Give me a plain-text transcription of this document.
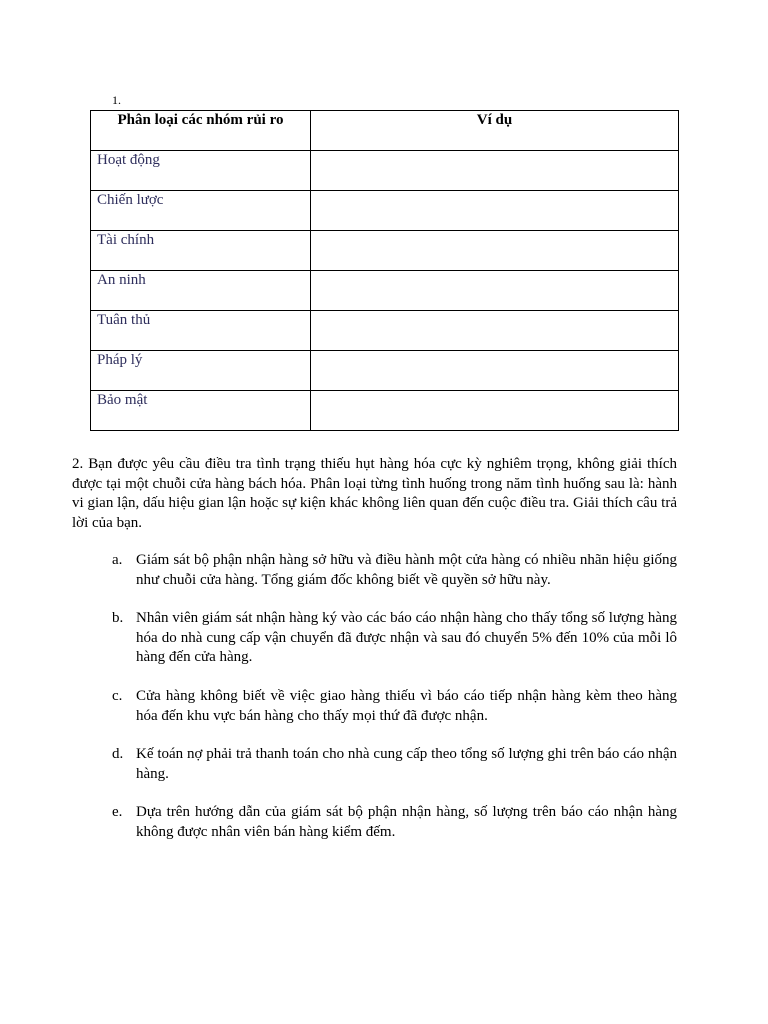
1.
Phân loại các nhóm rủi ro	Ví dụ
Hoạt động	
Chiến lược	
Tài chính	
An ninh	
Tuân thủ	
Pháp lý	
Bảo mật	
2. Bạn được yêu cầu điều tra tình trạng thiếu hụt hàng hóa cực kỳ nghiêm trọng, không giải thích được tại một chuỗi cửa hàng bách hóa. Phân loại từng tình huống trong năm tình huống sau là: hành vi gian lận, dấu hiệu gian lận hoặc sự kiện khác không liên quan đến cuộc điều tra. Giải thích câu trả lời của bạn.
a. Giám sát bộ phận nhận hàng sở hữu và điều hành một cửa hàng có nhiều nhãn hiệu giống như chuỗi cửa hàng. Tổng giám đốc không biết về quyền sở hữu này.
b. Nhân viên giám sát nhận hàng ký vào các báo cáo nhận hàng cho thấy tổng số lượng hàng hóa do nhà cung cấp vận chuyển đã được nhận và sau đó chuyển 5% đến 10% của mỗi lô hàng đến cửa hàng.
c. Cửa hàng không biết về việc giao hàng thiếu vì báo cáo tiếp nhận hàng kèm theo hàng hóa đến khu vực bán hàng cho thấy mọi thứ đã được nhận.
d. Kế toán nợ phải trả thanh toán cho nhà cung cấp theo tổng số lượng ghi trên báo cáo nhận hàng.
e. Dựa trên hướng dẫn của giám sát bộ phận nhận hàng, số lượng trên báo cáo nhận hàng không được nhân viên bán hàng kiểm đếm.
